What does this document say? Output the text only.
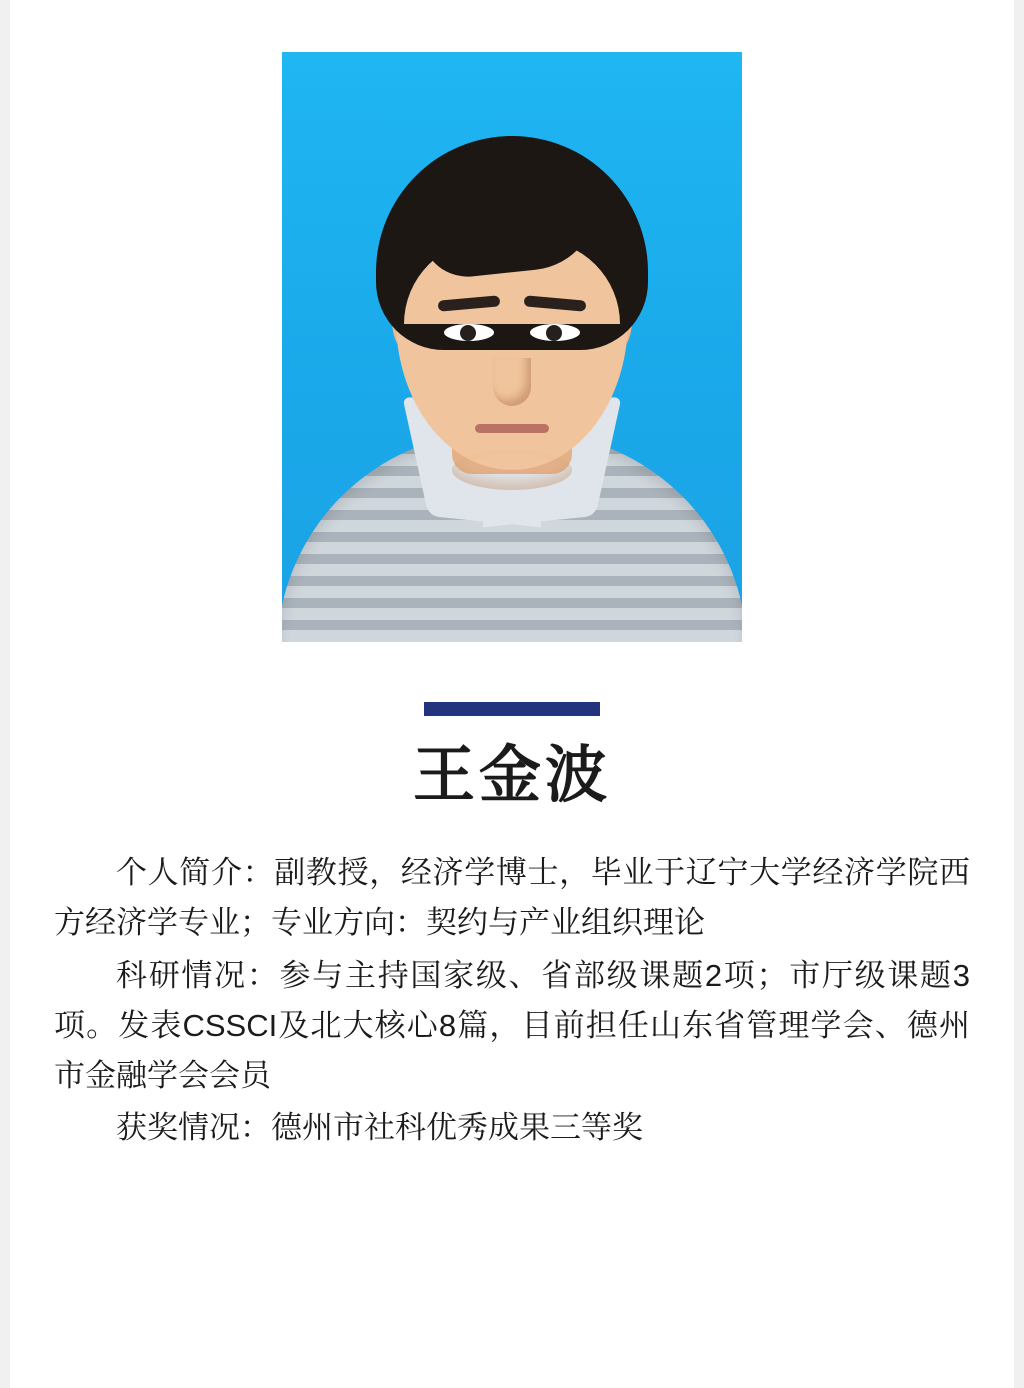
王金波

个人简介：副教授，经济学博士，毕业于辽宁大学经济学院西方经济学专业；专业方向：契约与产业组织理论

科研情况：参与主持国家级、省部级课题2项；市厅级课题3项。发表CSSCI及北大核心8篇，目前担任山东省管理学会、德州市金融学会会员

获奖情况：德州市社科优秀成果三等奖
